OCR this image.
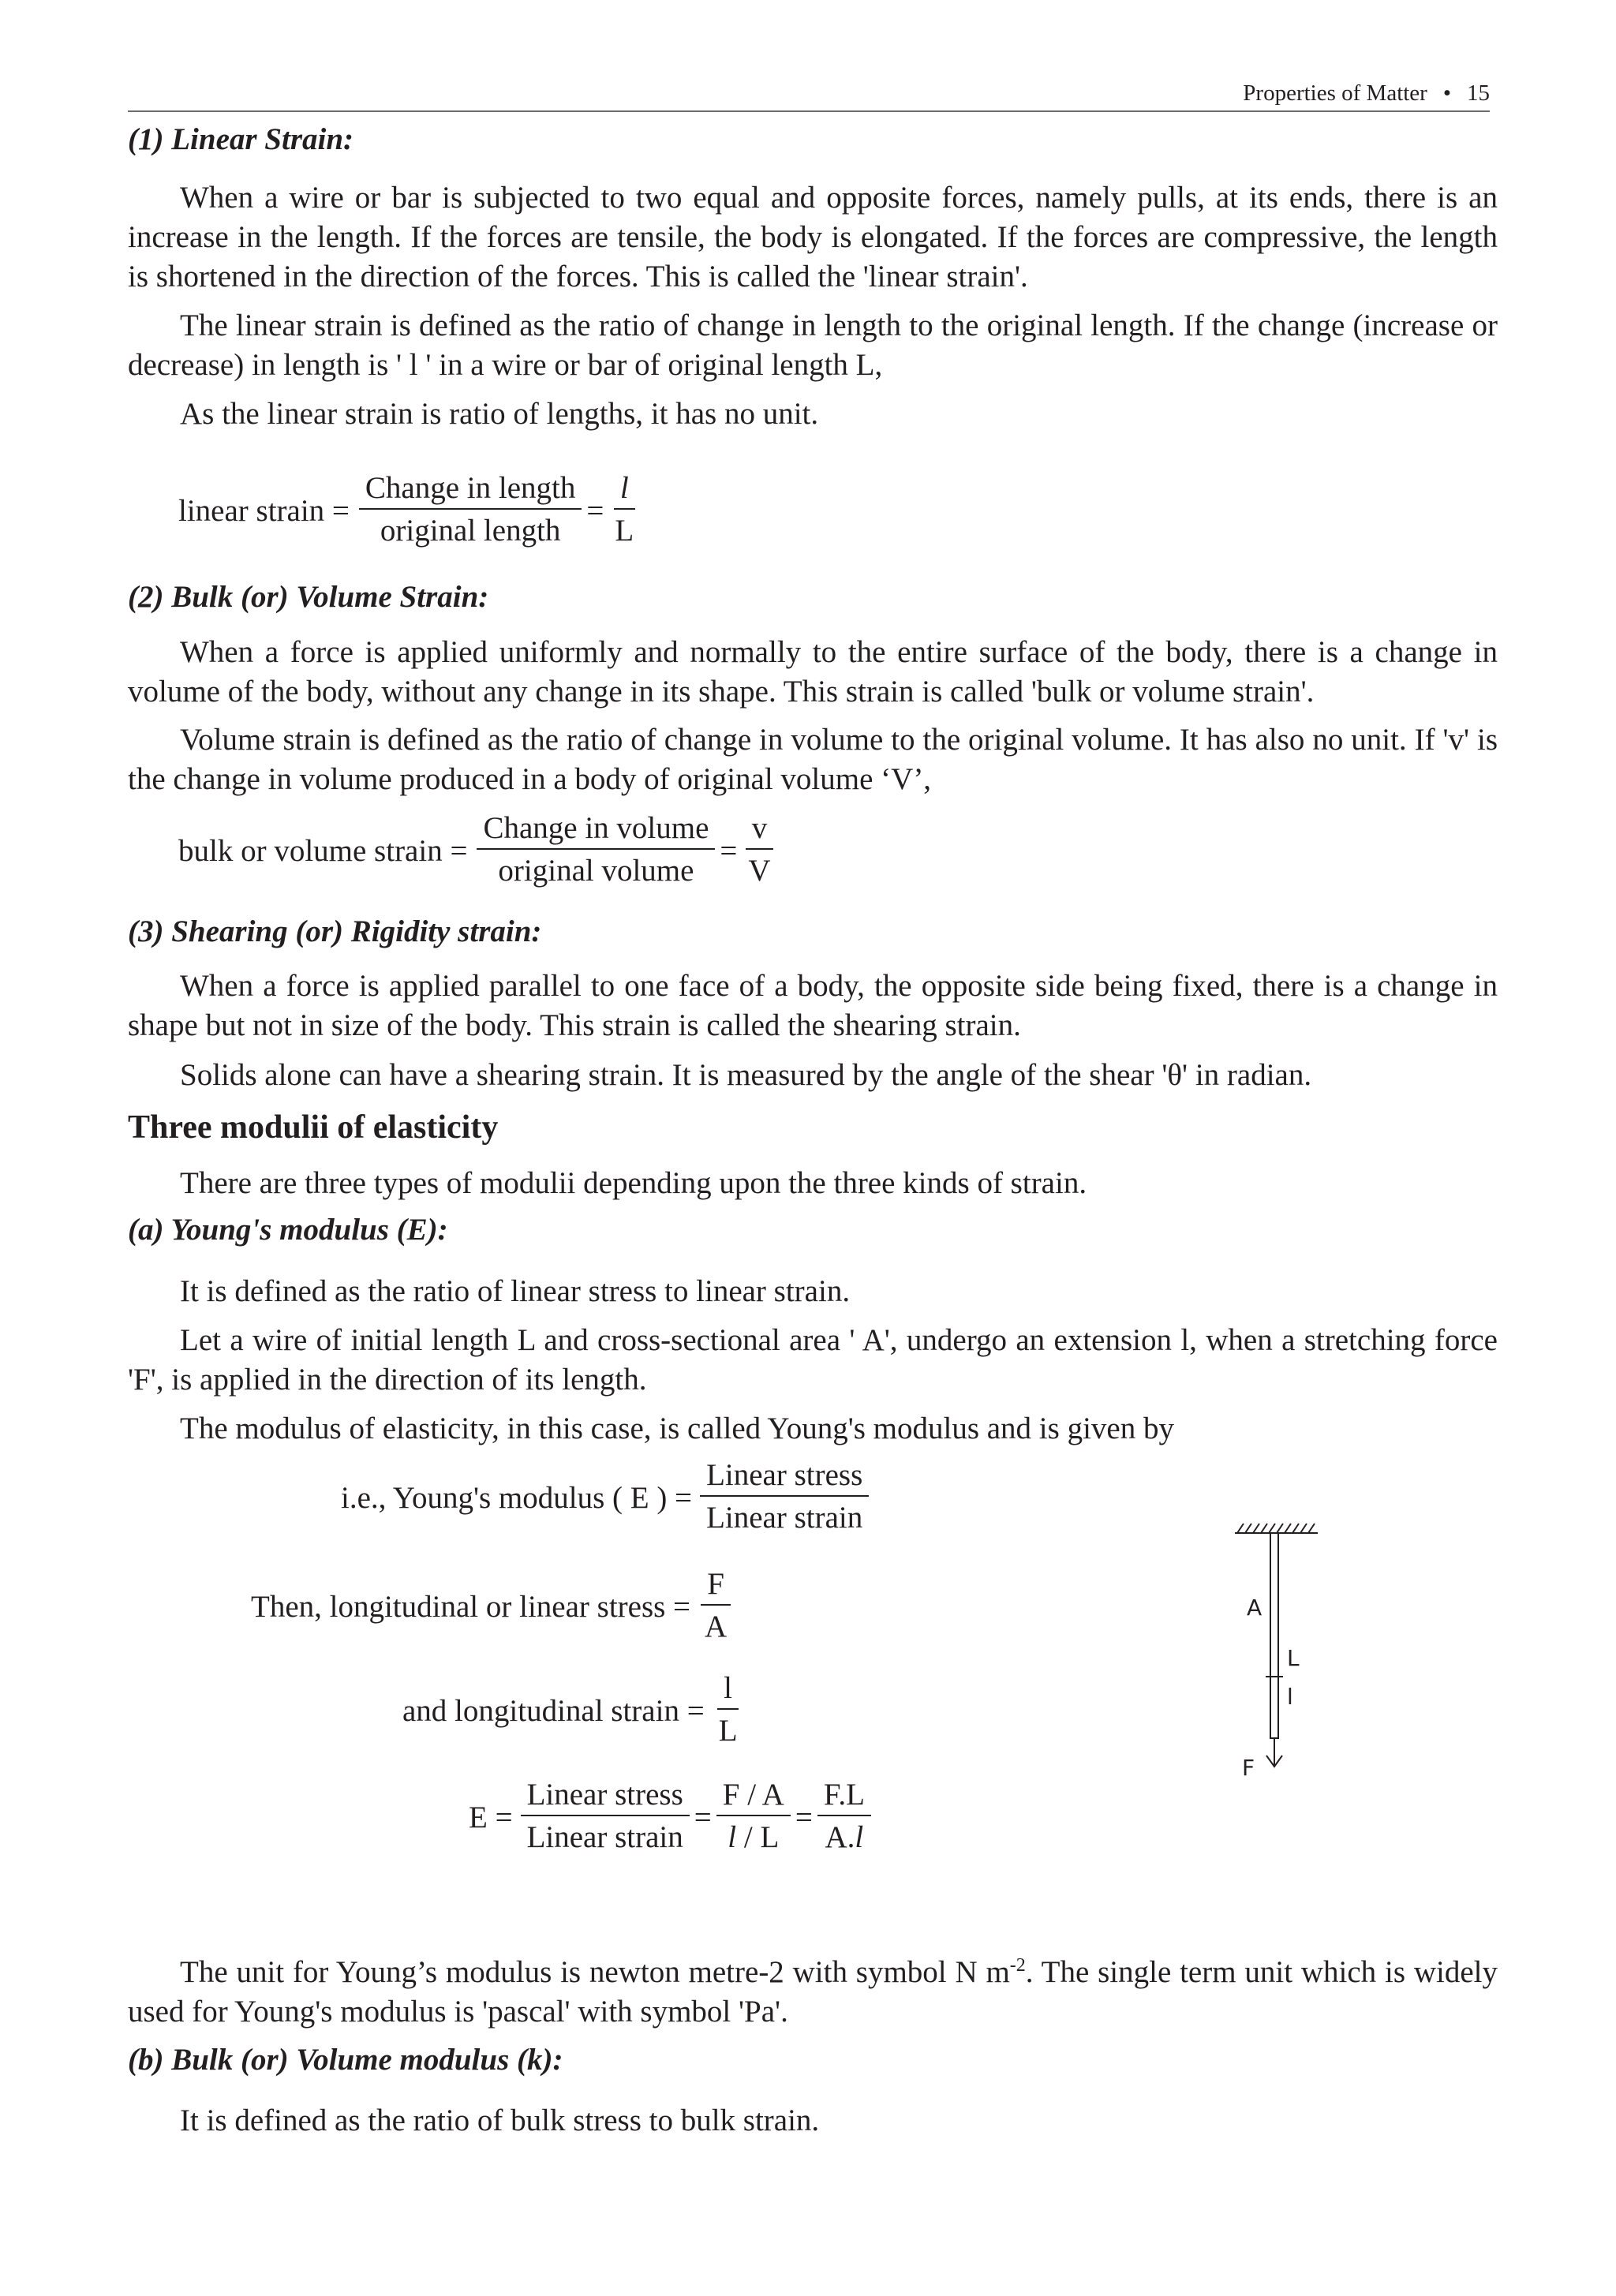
Properties of Matter • 15
(1) Linear Strain:

When a wire or bar is subjected to two equal and opposite forces, namely pulls, at its ends, there is an increase in the length. If the forces are tensile, the body is elongated. If the forces are compressive, the length is shortened in the direction of the forces. This is called the 'linear strain'.

The linear strain is defined as the ratio of change in length to the original length. If the change (increase or decrease) in length is ' l ' in a wire or bar of original length L,

As the linear strain is ratio of lengths, it has no unit.

linear strain = $\frac{\text{Change in length}}{\text{original length}} = \frac{l}{L}$
(2) Bulk (or) Volume Strain:

When a force is applied uniformly and normally to the entire surface of the body, there is a change in volume of the body, without any change in its shape. This strain is called 'bulk or volume strain'.

Volume strain is defined as the ratio of change in volume to the original volume. It has also no unit. If 'v' is the change in volume produced in a body of original volume ‘V’,

bulk or volume strain = $\frac{\text{Change in volume}}{\text{original volume}} = \frac{v}{V}$
(3) Shearing (or) Rigidity strain:

When a force is applied parallel to one face of a body, the opposite side being fixed, there is a change in shape but not in size of the body. This strain is called the shearing strain.

Solids alone can have a shearing strain. It is measured by the angle of the shear 'θ' in radian.

Three modulii of elasticity

There are three types of modulii depending upon the three kinds of strain.

(a) Young's modulus (E):

It is defined as the ratio of linear stress to linear strain.

Let a wire of initial length L and cross-sectional area ' A', undergo an extension l, when a stretching force 'F', is applied in the direction of its length.

The modulus of elasticity, in this case, is called Young's modulus and is given by

i.e., Young's modulus ( E ) = $\frac{\text{Linear stress}}{\text{Linear strain}}$
Then, longitudinal or linear stress = $\frac{F}{A}$
and longitudinal strain = $\frac{l}{L}$
$E = \frac{\text{Linear stress}}{\text{Linear strain}} = \frac{F / A}{l / L} = \frac{F.L}{A.l}$
A
L
l
F

The unit for Young’s modulus is newton metre-2 with symbol N $m^{-2}$. The single term unit which is widely used for Young's modulus is 'pascal' with symbol 'Pa'.

(b) Bulk (or) Volume modulus (k):

It is defined as the ratio of bulk stress to bulk strain.
